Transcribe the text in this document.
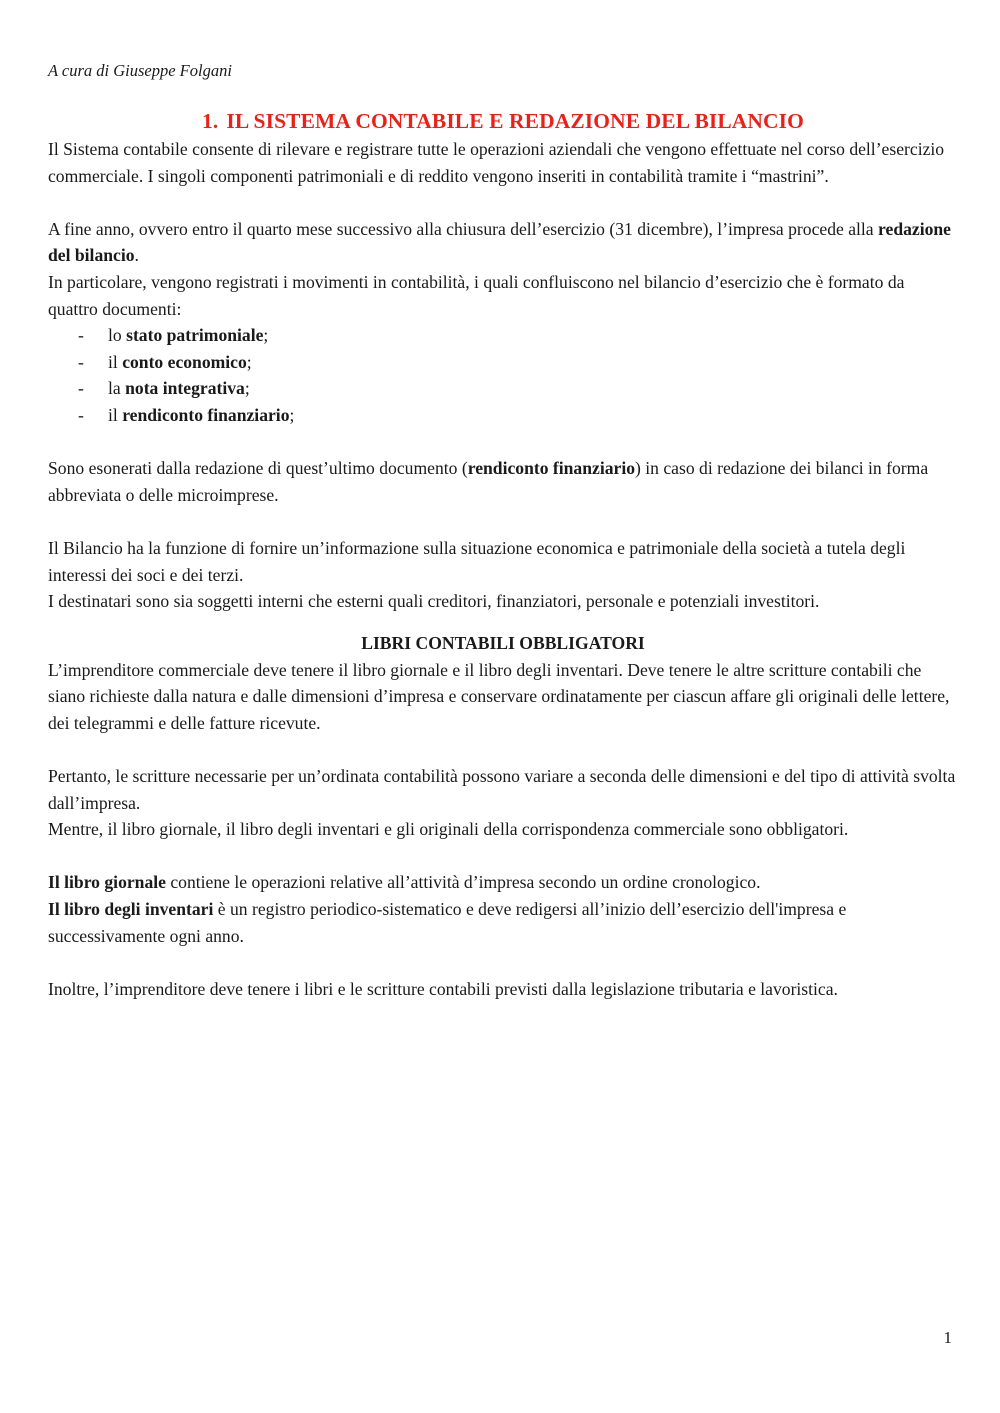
A cura di Giuseppe Folgani

1. IL SISTEMA CONTABILE E REDAZIONE DEL BILANCIO

Il Sistema contabile consente di rilevare e registrare tutte le operazioni aziendali che vengono effettuate nel corso dell’esercizio commerciale. I singoli componenti patrimoniali e di reddito vengono inseriti in contabilità tramite i “mastrini”.

A fine anno, ovvero entro il quarto mese successivo alla chiusura dell’esercizio (31 dicembre), l’impresa procede alla redazione del bilancio.

In particolare, vengono registrati i movimenti in contabilità, i quali confluiscono nel bilancio d’esercizio che è formato da quattro documenti:

- lo stato patrimoniale;
- il conto economico;
- la nota integrativa;
- il rendiconto finanziario;

Sono esonerati dalla redazione di quest’ultimo documento (rendiconto finanziario) in caso di redazione dei bilanci in forma abbreviata o delle microimprese.

Il Bilancio ha la funzione di fornire un’informazione sulla situazione economica e patrimoniale della società a tutela degli interessi dei soci e dei terzi.

I destinatari sono sia soggetti interni che esterni quali creditori, finanziatori, personale e potenziali investitori.

LIBRI CONTABILI OBBLIGATORI

L’imprenditore commerciale deve tenere il libro giornale e il libro degli inventari. Deve tenere le altre scritture contabili che siano richieste dalla natura e dalle dimensioni d’impresa e conservare ordinatamente per ciascun affare gli originali delle lettere, dei telegrammi e delle fatture ricevute.

Pertanto, le scritture necessarie per un’ordinata contabilità possono variare a seconda delle dimensioni e del tipo di attività svolta dall’impresa.

Mentre, il libro giornale, il libro degli inventari e gli originali della corrispondenza commerciale sono obbligatori.

Il libro giornale contiene le operazioni relative all’attività d’impresa secondo un ordine cronologico.

Il libro degli inventari è un registro periodico-sistematico e deve redigersi all’inizio dell’esercizio dell'impresa e successivamente ogni anno.

Inoltre, l’imprenditore deve tenere i libri e le scritture contabili previsti dalla legislazione tributaria e lavoristica.

1
